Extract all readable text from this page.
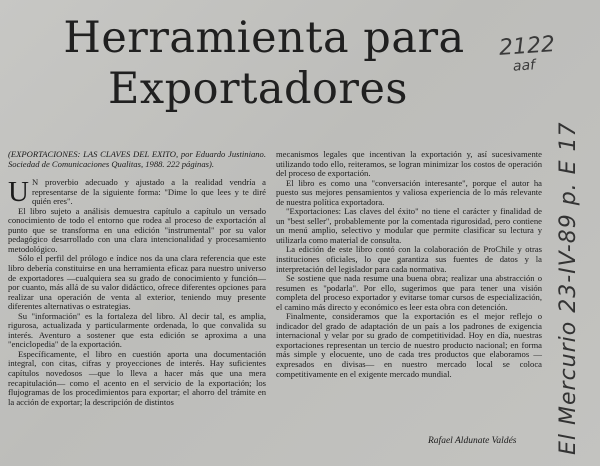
Herramienta para
Exportadores
2122
aaf
El Mercurio 23-IV-89 p. E 17

(EXPORTACIONES: LAS CLAVES DEL EXITO, por Eduardo Justiniano. Sociedad de Comunicaciones Qualitas, 1988. 222 páginas).

U N proverbio adecuado y ajustado a la realidad vendría a representarse de la siguiente forma: "Dime lo que lees y te diré quién eres".

El libro sujeto a análisis demuestra capítulo a capítulo un versado conocimiento de todo el entorno que rodea al proceso de exportación al punto que se transforma en una edición "instrumental" por su valor pedagógico desarrollado con una clara intencionalidad y procesamiento metodológico.

Sólo el perfil del prólogo e índice nos da una clara referencia que este libro debería constituirse en una herramienta eficaz para nuestro universo de exportadores —cualquiera sea su grado de conocimiento y función— por cuanto, más allá de su valor didáctico, ofrece diferentes opciones para realizar una operación de venta al exterior, teniendo muy presente diferentes alternativas o estrategias.

Su "información" es la fortaleza del libro. Al decir tal, es amplia, rigurosa, actualizada y particularmente ordenada, lo que convalida su interés. Aventuro a sostener que esta edición se aproxima a una "enciclopedia" de la exportación.

Específicamente, el libro en cuestión aporta una documentación integral, con citas, cifras y proyecciones de interés. Hay suficientes capítulos novedosos —que lo lleva a hacer más que una mera recapitulación— como el acento en el servicio de la exportación; los flujogramas de los procedimientos para exportar; el ahorro del trámite en la acción de exportar; la descripción de distintos

mecanismos legales que incentivan la exportación y, así sucesivamente utilizando todo ello, reiteramos, se logran minimizar los costos de operación del proceso de exportación.

El libro es como una "conversación interesante", porque el autor ha puesto sus mejores pensamientos y valiosa experiencia de lo más relevante de nuestra política exportadora.

"Exportaciones: Las claves del éxito" no tiene el carácter y finalidad de un "best seller", probablemente por la comentada rigurosidad, pero contiene un menú amplio, selectivo y modular que permite clasificar su lectura y utilizarla como material de consulta.

La edición de este libro contó con la colaboración de ProChile y otras instituciones oficiales, lo que garantiza sus fuentes de datos y la interpretación del legislador para cada normativa.

Se sostiene que nada resume una buena obra; realizar una abstracción o resumen es "podarla". Por ello, sugerimos que para tener una visión completa del proceso exportador y evitarse tomar cursos de especialización, el camino más directo y económico es leer esta obra con detención.

Finalmente, consideramos que la exportación es el mejor reflejo o indicador del grado de adaptación de un país a los padrones de exigencia internacional y velar por su grado de competitividad. Hoy en día, nuestras exportaciones representan un tercio de nuestro producto nacional; en forma más simple y elocuente, uno de cada tres productos que elaboramos —expresados en divisas— en nuestro mercado local se coloca competitivamente en el exigente mercado mundial.

Rafael Aldunate Valdés
